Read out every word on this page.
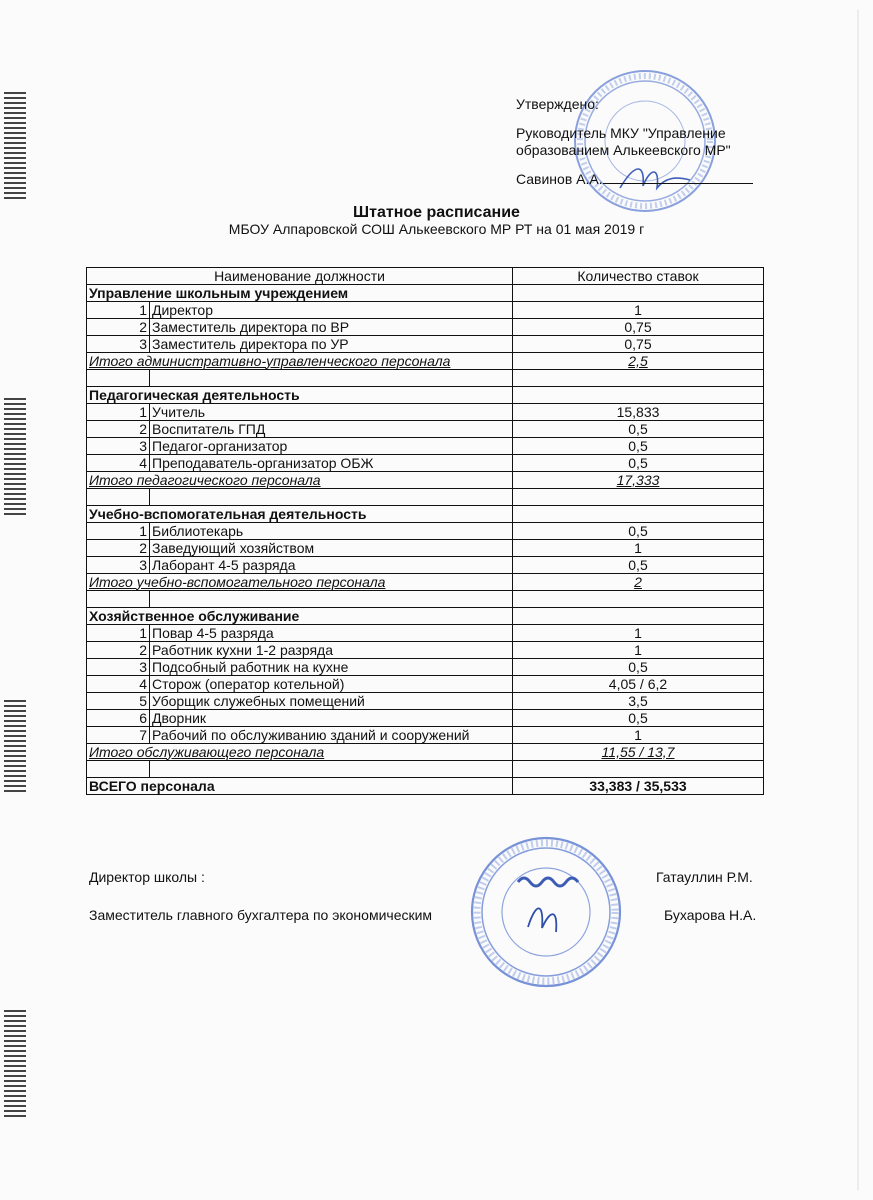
Утверждено:
Руководитель МКУ "Управление
образованием Алькеевского МР"
Савинов А.А.
Штатное расписание
МБОУ Алпаровской СОШ Алькеевского МР РТ на 01 мая 2019 г
Наименование должности		Количество ставок
Управление школьным учреждением		
1	Директор	1
2	Заместитель директора по ВР	0,75
3	Заместитель директора по УР	0,75
Итого административно-управленческого персонала		2,5

Педагогическая деятельность		
1	Учитель	15,833
2	Воспитатель ГПД	0,5
3	Педагог-организатор	0,5
4	Преподаватель-организатор ОБЖ	0,5
Итого педагогического персонала		17,333

Учебно-вспомогательная деятельность		
1	Библиотекарь	0,5
2	Заведующий хозяйством	1
3	Лаборант 4-5 разряда	0,5
Итого учебно-вспомогательного персонала		2

Хозяйственное обслуживание		
1	Повар 4-5 разряда	1
2	Работник кухни 1-2 разряда	1
3	Подсобный работник на кухне	0,5
4	Сторож (оператор котельной)	4,05 / 6,2
5	Уборщик служебных помещений	3,5
6	Дворник	0,5
7	Рабочий по обслуживанию зданий и сооружений	1
Итого обслуживающего персонала		11,55 / 13,7

ВСЕГО персонала		33,383 / 35,533
Директор школы :	Гатауллин Р.М.
Заместитель главного бухгалтера по экономическим	Бухарова Н.А.
